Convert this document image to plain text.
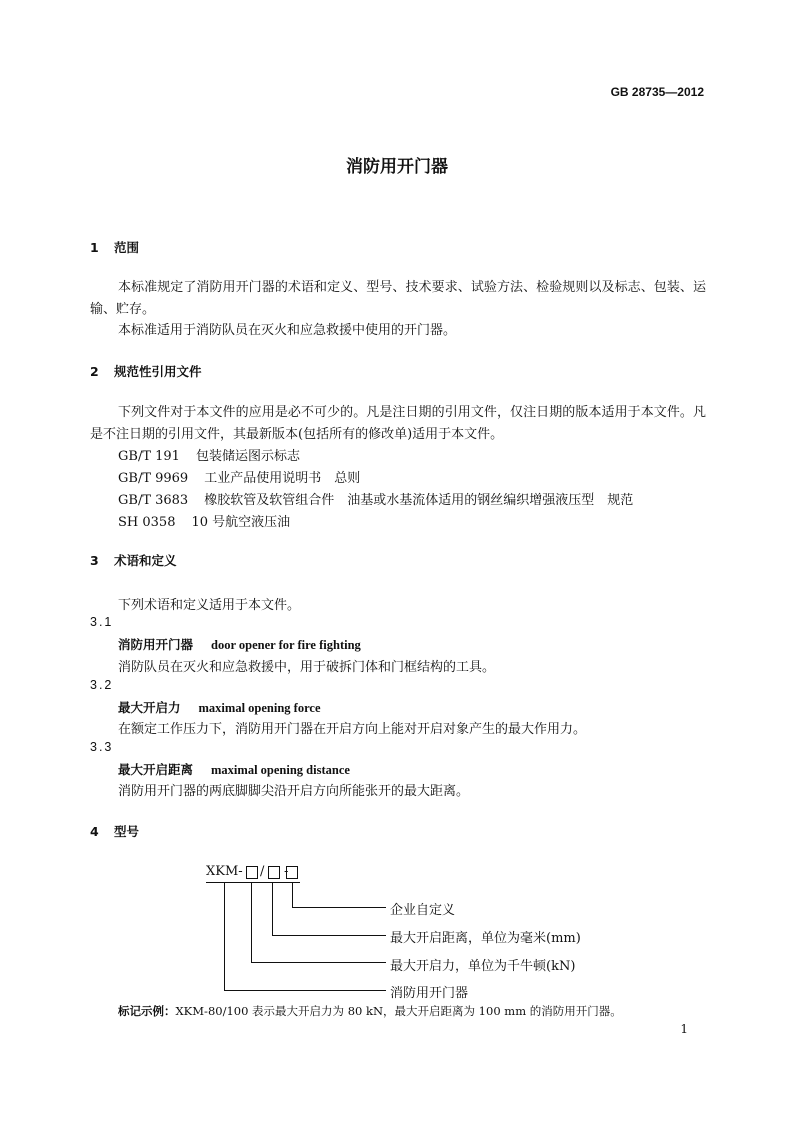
GB 28735—2012
消防用开门器
1 范围
本标准规定了消防用开门器的术语和定义、型号、技术要求、试验方法、检验规则以及标志、包装、运输、贮存。
本标准适用于消防队员在灭火和应急救援中使用的开门器。
2 规范性引用文件
下列文件对于本文件的应用是必不可少的。凡是注日期的引用文件，仅注日期的版本适用于本文件。凡是不注日期的引用文件，其最新版本(包括所有的修改单)适用于本文件。
GB/T 191 包装储运图示标志
GB/T 9969 工业产品使用说明书　总则
GB/T 3683 橡胶软管及软管组合件　油基或水基流体适用的钢丝编织增强液压型　规范
SH 0358 10 号航空液压油
3 术语和定义
下列术语和定义适用于本文件。
3.1
消防用开门器 door opener for fire fighting
消防队员在灭火和应急救援中，用于破拆门体和门框结构的工具。
3.2
最大开启力 maximal opening force
在额定工作压力下，消防用开门器在开启方向上能对开启对象产生的最大作用力。
3.3
最大开启距离 maximal opening distance
消防用开门器的两底脚脚尖沿开启方向所能张开的最大距离。
4 型号
XKM- / -
企业自定义
最大开启距离，单位为毫米(mm)
最大开启力，单位为千牛顿(kN)
消防用开门器
标记示例：XKM-80/100 表示最大开启力为 80 kN，最大开启距离为 100 mm 的消防用开门器。
1
